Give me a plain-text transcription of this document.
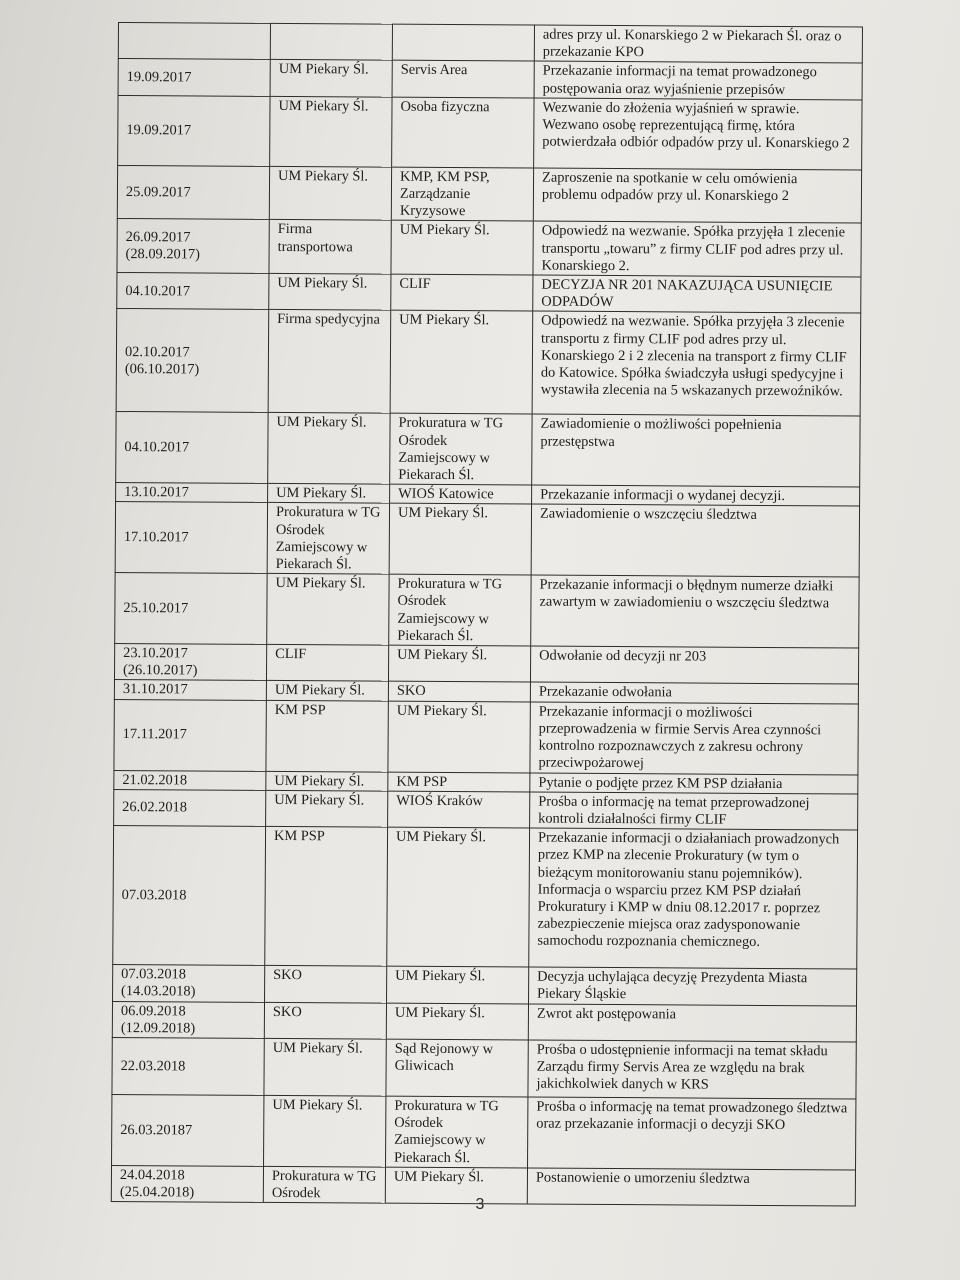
			adres przy ul. Konarskiego 2 w Piekarach Śl. oraz o przekazanie KPO

19.09.2017	UM Piekary Śl.	Servis Area	Przekazanie informacji na temat prowadzonego postępowania oraz wyjaśnienie przepisów

19.09.2017	UM Piekary Śl.	Osoba fizyczna	Wezwanie do złożenia wyjaśnień w sprawie. Wezwano osobę reprezentującą firmę, która potwierdzała odbiór odpadów przy ul. Konarskiego 2

25.09.2017	UM Piekary Śl.	KMP, KM PSP, Zarządzanie Kryzysowe	Zaproszenie na spotkanie w celu omówienia problemu odpadów przy ul. Konarskiego 2

26.09.2017
(28.09.2017)	Firma transportowa	UM Piekary Śl.	Odpowiedź na wezwanie. Spółka przyjęła 1 zlecenie transportu „towaru” z firmy CLIF pod adres przy ul. Konarskiego 2.

04.10.2017	UM Piekary Śl.	CLIF	DECYZJA NR 201 NAKAZUJĄCA USUNIĘCIE ODPADÓW

02.10.2017
(06.10.2017)	Firma spedycyjna	UM Piekary Śl.	Odpowiedź na wezwanie. Spółka przyjęła 3 zlecenie transportu z firmy CLIF pod adres przy ul. Konarskiego 2 i 2 zlecenia na transport z firmy CLIF do Katowice. Spółka świadczyła usługi spedycyjne i wystawiła zlecenia na 5 wskazanych przewoźników.

04.10.2017	UM Piekary Śl.	Prokuratura w TG Ośrodek Zamiejscowy w Piekarach Śl.	Zawiadomienie o możliwości popełnienia przestępstwa

13.10.2017	UM Piekary Śl.	WIOŚ Katowice	Przekazanie informacji o wydanej decyzji.

17.10.2017	Prokuratura w TG Ośrodek Zamiejscowy w Piekarach Śl.	UM Piekary Śl.	Zawiadomienie o wszczęciu śledztwa

25.10.2017	UM Piekary Śl.	Prokuratura w TG Ośrodek Zamiejscowy w Piekarach Śl.	Przekazanie informacji o błędnym numerze działki zawartym w zawiadomieniu o wszczęciu śledztwa

23.10.2017
(26.10.2017)	CLIF	UM Piekary Śl.	Odwołanie od decyzji nr 203

31.10.2017	UM Piekary Śl.	SKO	Przekazanie odwołania

17.11.2017	KM PSP	UM Piekary Śl.	Przekazanie informacji o możliwości przeprowadzenia w firmie Servis Area czynności kontrolno rozpoznawczych z zakresu ochrony przeciwpożarowej

21.02.2018	UM Piekary Śl.	KM PSP	Pytanie o podjęte przez KM PSP działania

26.02.2018	UM Piekary Śl.	WIOŚ Kraków	Prośba o informację na temat przeprowadzonej kontroli działalności firmy CLIF

07.03.2018	KM PSP	UM Piekary Śl.	Przekazanie informacji o działaniach prowadzonych przez KMP na zlecenie Prokuratury (w tym o bieżącym monitorowaniu stanu pojemników). Informacja o wsparciu przez KM PSP działań Prokuratury i KMP w dniu 08.12.2017 r. poprzez zabezpieczenie miejsca oraz zadysponowanie samochodu rozpoznania chemicznego.

07.03.2018
(14.03.2018)	SKO	UM Piekary Śl.	Decyzja uchylająca decyzję Prezydenta Miasta Piekary Śląskie

06.09.2018
(12.09.2018)	SKO	UM Piekary Śl.	Zwrot akt postępowania

22.03.2018	UM Piekary Śl.	Sąd Rejonowy w Gliwicach	Prośba o udostępnienie informacji na temat składu Zarządu firmy Servis Area ze względu na brak jakichkolwiek danych w KRS

26.03.20187	UM Piekary Śl.	Prokuratura w TG Ośrodek Zamiejscowy w Piekarach Śl.	Prośba o informację na temat prowadzonego śledztwa oraz przekazanie informacji o decyzji SKO

24.04.2018
(25.04.2018)	Prokuratura w TG Ośrodek	UM Piekary Śl.	Postanowienie o umorzeniu śledztwa
3
